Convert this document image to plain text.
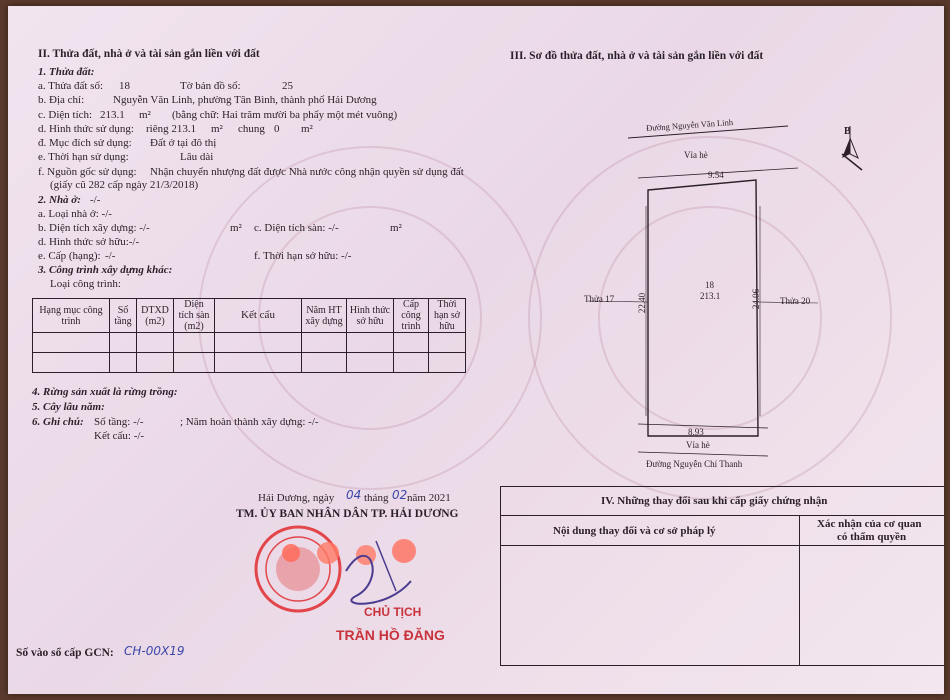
II. Thửa đất, nhà ở và tài sản gắn liền với đất
1. Thửa đất:
a. Thửa đất số: 18	Tờ bản đồ số:	25
b. Địa chỉ:	Nguyễn Văn Linh, phường Tân Bình, thành phố Hải Dương
c. Diện tích: 213.1 m² (bằng chữ: Hai trăm mười ba phẩy một mét vuông)
d. Hình thức sử dụng: riêng 213.1 m² chung 0 m²
đ. Mục đích sử dụng: Đất ở tại đô thị
e. Thời hạn sử dụng:	Lâu dài
f. Nguồn gốc sử dụng: Nhận chuyển nhượng đất được Nhà nước công nhận quyền sử dụng đất
(giấy cũ 282 cấp ngày 21/3/2018)
2. Nhà ở: -/-
a. Loại nhà ở: -/-
b. Diện tích xây dựng: -/-	m² c. Diện tích sàn: -/-	m²
d. Hình thức sở hữu:-/-
e. Cấp (hạng): -/-	f. Thời hạn sở hữu: -/-
3. Công trình xây dựng khác:
Loại công trình:
Hạng mục công trình	Số tầng	DTXD (m2)	Diện tích sàn (m2)	Kết cấu	Năm HT xây dựng	Hình thức sở hữu	Cấp công trình	Thời hạn sở hữu

4. Rừng sản xuất là rừng trồng:
5. Cây lâu năm:
6. Ghi chú: Số tầng: -/-	; Năm hoàn thành xây dựng: -/-
Kết cấu: -/-
Hải Dương, ngày 04 tháng 02 năm 2021
TM. ỦY BAN NHÂN DÂN TP. HẢI DƯƠNG
CHỦ TỊCH
TRẦN HỒ ĐĂNG
Số vào sổ cấp GCN: CH-00X19
III. Sơ đồ thửa đất, nhà ở và tài sản gắn liền với đất
B
Đường Nguyễn Văn Linh
Vỉa hè
9.54
18
213.1
22.40	24.06
Thửa 17	Thửa 20
8.93
Vỉa hè
Đường Nguyễn Chí Thanh
IV. Những thay đổi sau khi cấp giấy chứng nhận
Nội dung thay đổi và cơ sở pháp lý
Xác nhận của cơ quan
có thẩm quyền
